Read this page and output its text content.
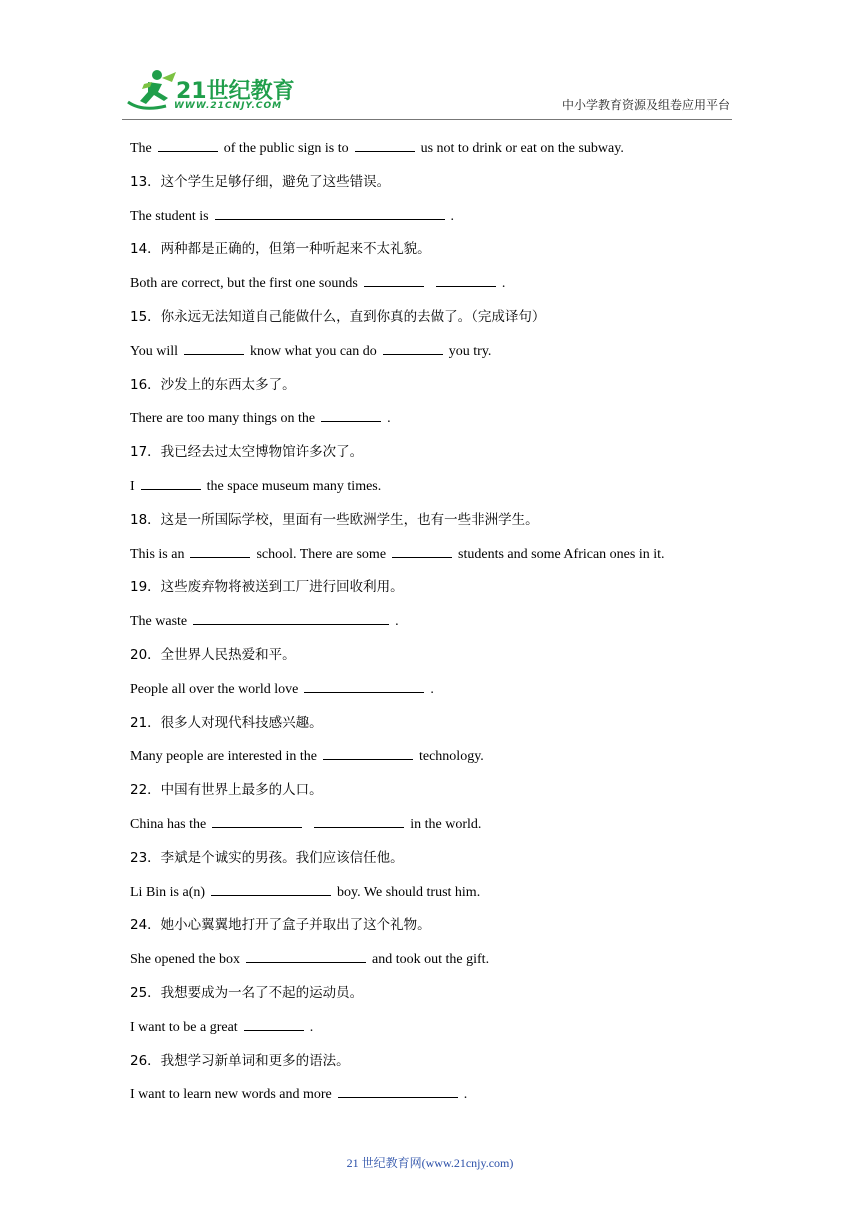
21世纪教育
WWW.21CNJY.COM	中小学教育资源及组卷应用平台
The	of the public sign is to	us not to drink or eat on the subway.
13．这个学生足够仔细，避免了这些错误。
The student is	.
14．两种都是正确的，但第一种听起来不太礼貌。
Both are correct, but the first one sounds	.
15．你永远无法知道自己能做什么，直到你真的去做了。（完成译句）
You will	know what you can do	you try.
16．沙发上的东西太多了。
There are too many things on the	.
17．我已经去过太空博物馆许多次了。
I	the space museum many times.
18．这是一所国际学校，里面有一些欧洲学生，也有一些非洲学生。
This is an	school. There are some	students and some African ones in it.
19．这些废弃物将被送到工厂进行回收利用。
The waste	.
20．全世界人民热爱和平。
People all over the world love	.
21．很多人对现代科技感兴趣。
Many people are interested in the	technology.
22．中国有世界上最多的人口。
China has the	in the world.
23．李斌是个诚实的男孩。我们应该信任他。
Li Bin is a(n)	boy. We should trust him.
24．她小心翼翼地打开了盒子并取出了这个礼物。
She opened the box	and took out the gift.
25．我想要成为一名了不起的运动员。
I want to be a great	.
26．我想学习新单词和更多的语法。
I want to learn new words and more	.
21 世纪教育网(www.21cnjy.com)
